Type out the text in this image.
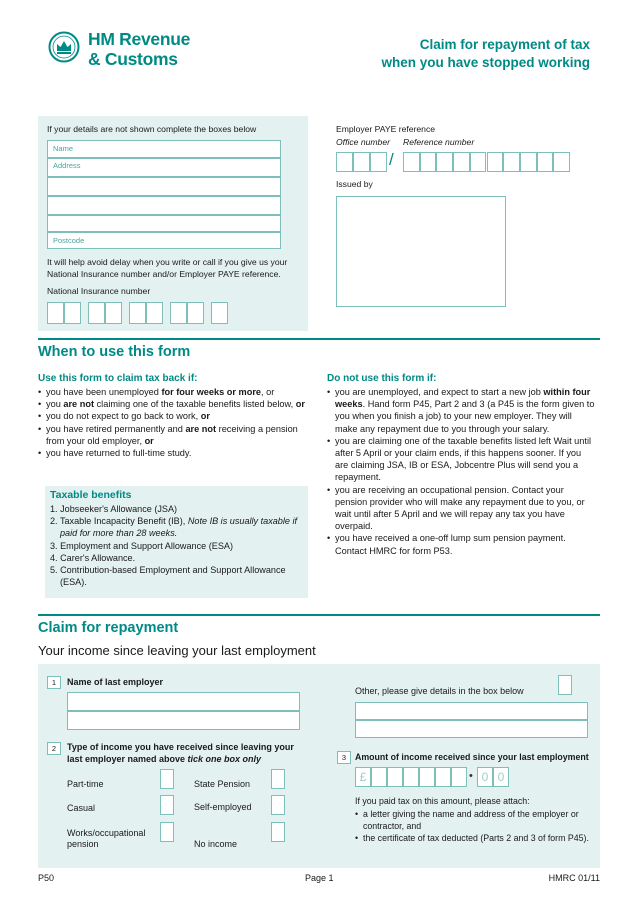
HM Revenue
& Customs
Claim for repayment of tax
when you have stopped working
If your details are not shown complete the boxes below
Name
Address
Postcode
It will help avoid delay when you write or call if you give us your National Insurance number and/or Employer PAYE reference.
National Insurance number
Employer PAYE reference
Office number Reference number
/
Issued by
When to use this form
Use this form to claim tax back if:
• you have been unemployed for four weeks or more, or
• you are not claiming one of the taxable benefits listed below, or
• you do not expect to go back to work, or
• you have retired permanently and are not receiving a pension from your old employer, or
• you have returned to full-time study.
Taxable benefits
1. Jobseeker's Allowance (JSA)
2. Taxable Incapacity Benefit (IB), Note IB is usually taxable if paid for more than 28 weeks.
3. Employment and Support Allowance (ESA)
4. Carer's Allowance.
5. Contribution-based Employment and Support Allowance (ESA).
Do not use this form if:
• you are unemployed, and expect to start a new job within four weeks. Hand form P45, Part 2 and 3 (a P45 is the form given to you when you finish a job) to your new employer. They will make any repayment due to you through your salary.
• you are claiming one of the taxable benefits listed left Wait until after 5 April or your claim ends, if this happens sooner. If you are claiming JSA, IB or ESA, Jobcentre Plus will send you a repayment.
• you are receiving an occupational pension. Contact your pension provider who will make any repayment due to you, or wait until after 5 April and we will repay any tax you have overpaid.
• you have received a one-off lump sum pension payment. Contact HMRC for form P53.
Claim for repayment
Your income since leaving your last employment
1	Name of last employer
2	Type of income you have received since leaving your last employer named above tick one box only
Part-time	State Pension
Casual	Self-employed
Works/occupational pension	No income
Other, please give details in the box below
3	Amount of income received since your last employment
£	• 0 0
If you paid tax on this amount, please attach:
• a letter giving the name and address of the employer or contractor, and
• the certificate of tax deducted (Parts 2 and 3 of form P45).
P50	Page 1	HMRC 01/11
